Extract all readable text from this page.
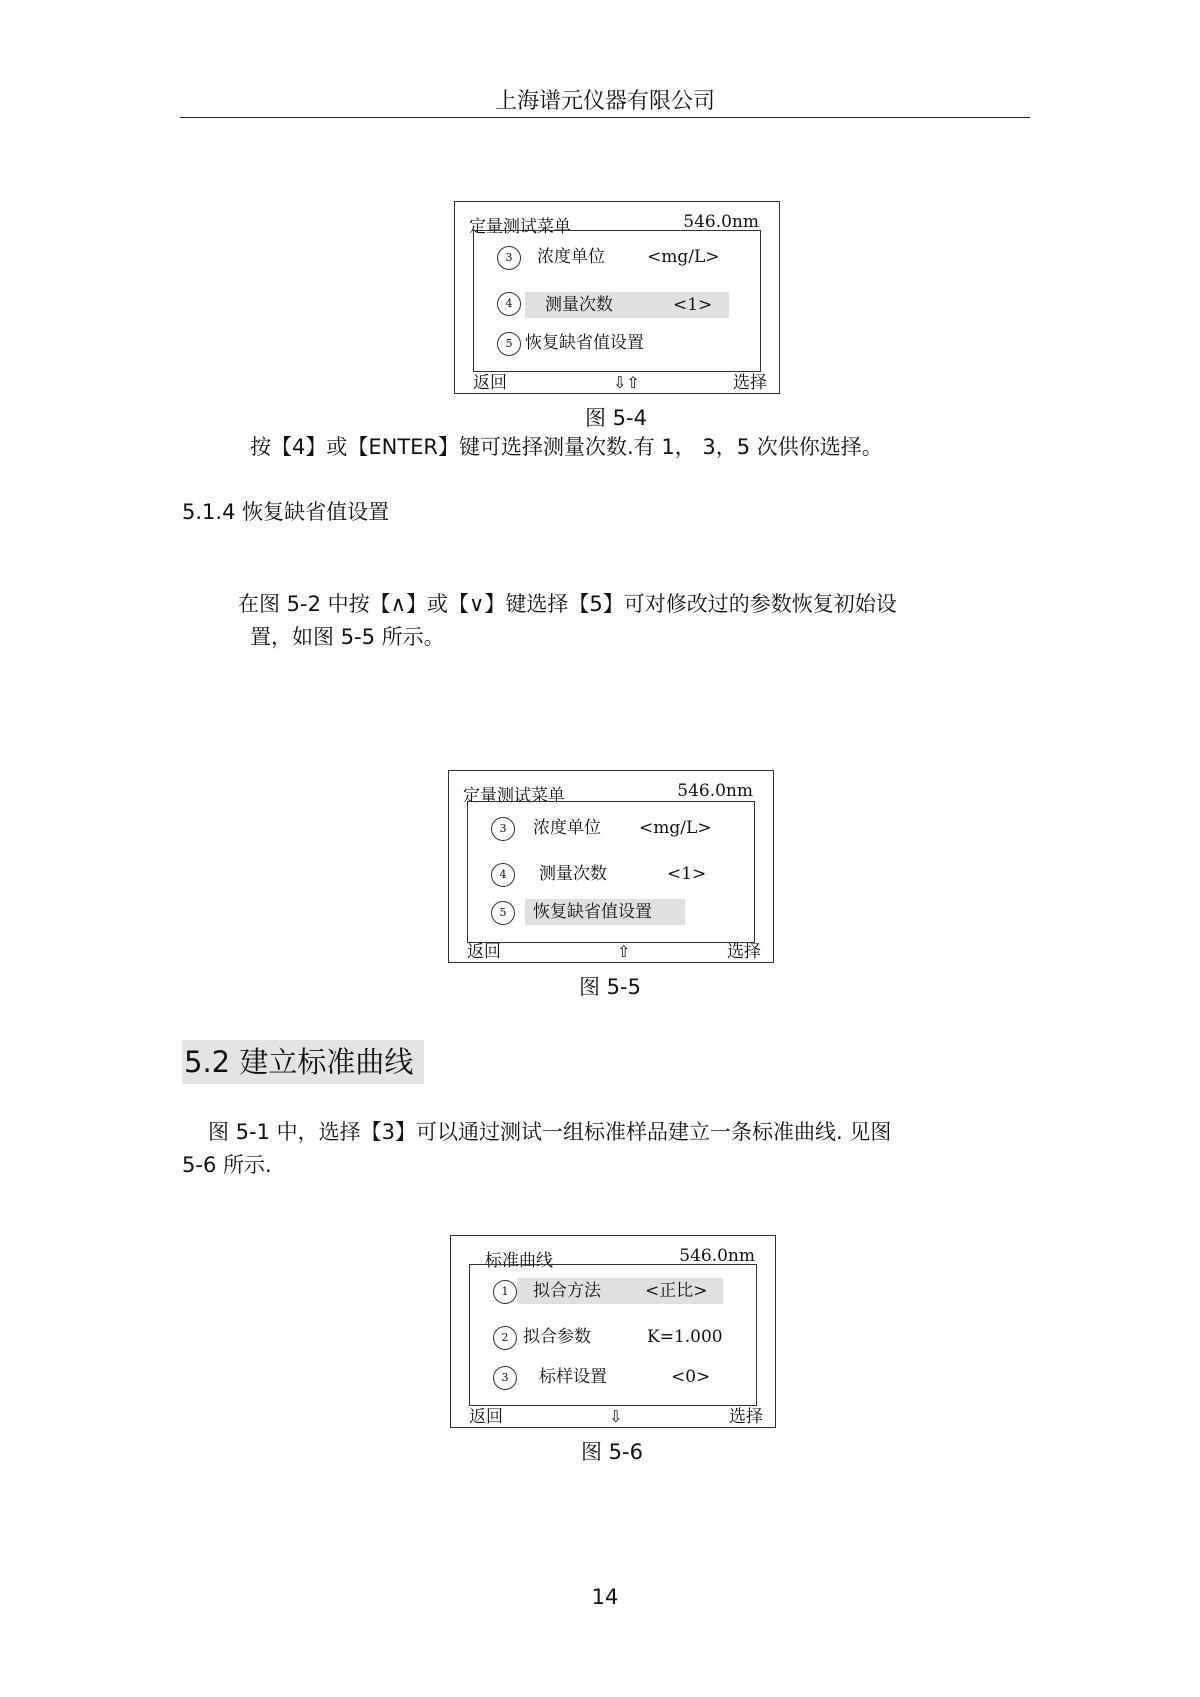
上海谱元仪器有限公司
定量测试菜单	546.0nm
3	浓度单位 <mg/L>
4	测量次数	<1>
5 恢复缺省值设置
返回	⇩⇧	选择
图 5-4
按【4】或【ENTER】键可选择测量次数.有 1， 3，5 次供你选择。
5.1.4 恢复缺省值设置
在图 5-2 中按【∧】或【∨】键选择【5】可对修改过的参数恢复初始设
置，如图 5-5 所示。
定量测试菜单	546.0nm
3	浓度单位 <mg/L>
4	测量次数	<1>
5	恢复缺省值设置
返回	⇧	选择
图 5-5
5.2 建立标准曲线
图 5-1 中，选择【3】可以通过测试一组标准样品建立一条标准曲线. 见图
5-6 所示.
标准曲线	546.0nm
1	拟合方法	<正比>
2 拟合参数	K=1.000
3	标样设置	<0>
返回	⇩	选择
图 5-6
14
